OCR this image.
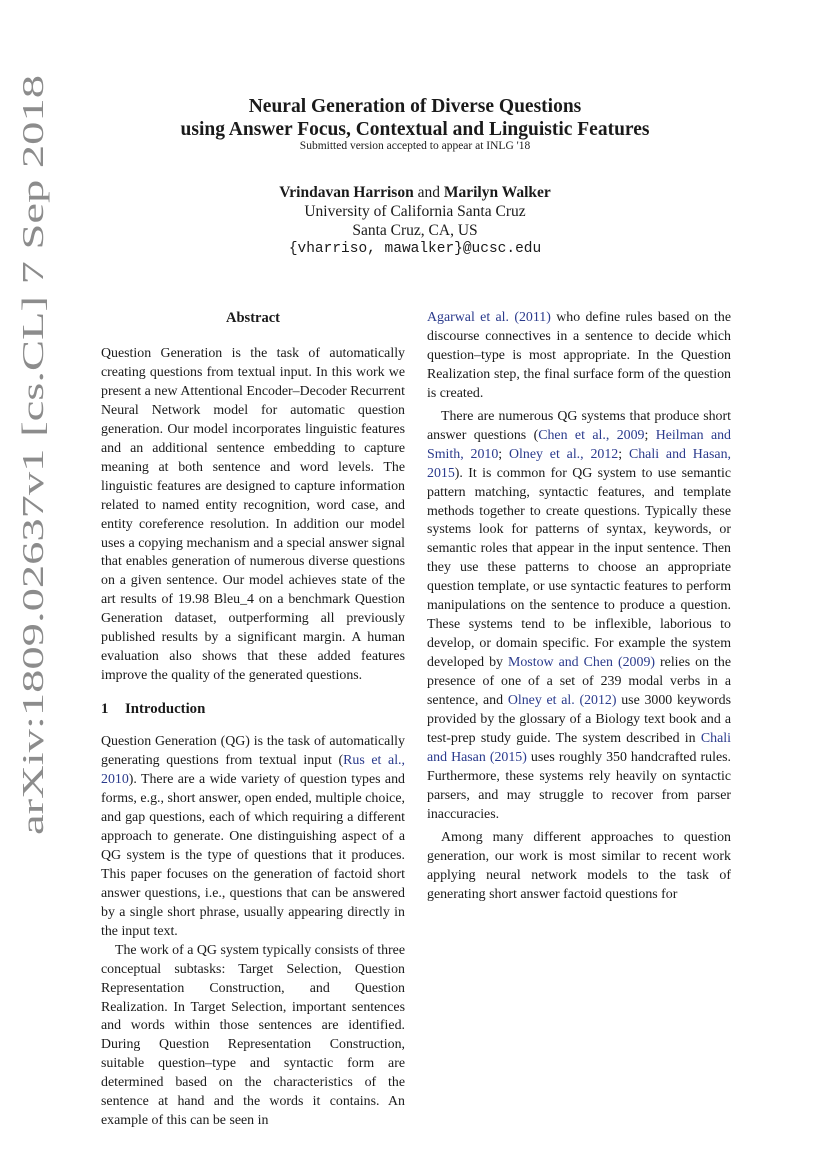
arXiv:1809.02637v1 [cs.CL] 7 Sep 2018
Neural Generation of Diverse Questions
using Answer Focus, Contextual and Linguistic Features
Submitted version accepted to appear at INLG '18
Vrindavan Harrison and Marilyn Walker
University of California Santa Cruz
Santa Cruz, CA, US
{vharriso, mawalker}@ucsc.edu
Abstract

Question Generation is the task of automatically creating questions from textual input. In this work we present a new Attentional Encoder–Decoder Recurrent Neural Network model for automatic question generation. Our model incorporates linguistic features and an additional sentence embedding to capture meaning at both sentence and word levels. The linguistic features are designed to capture information related to named entity recognition, word case, and entity coreference resolution. In addition our model uses a copying mechanism and a special answer signal that enables generation of numerous diverse questions on a given sentence. Our model achieves state of the art results of 19.98 Bleu_4 on a benchmark Question Generation dataset, outperforming all previously published results by a significant margin. A human evaluation also shows that these added features improve the quality of the generated questions.

1 Introduction

Question Generation (QG) is the task of automatically generating questions from textual input (Rus et al., 2010). There are a wide variety of question types and forms, e.g., short answer, open ended, multiple choice, and gap questions, each of which requiring a different approach to generate. One distinguishing aspect of a QG system is the type of questions that it produces. This paper focuses on the generation of factoid short answer questions, i.e., questions that can be answered by a single short phrase, usually appearing directly in the input text.

The work of a QG system typically consists of three conceptual subtasks: Target Selection, Question Representation Construction, and Question Realization. In Target Selection, important sentences and words within those sentences are identified. During Question Representation Construction, suitable question–type and syntactic form are determined based on the characteristics of the sentence at hand and the words it contains. An example of this can be seen in

Agarwal et al. (2011) who define rules based on the discourse connectives in a sentence to decide which question–type is most appropriate. In the Question Realization step, the final surface form of the question is created.

There are numerous QG systems that produce short answer questions (Chen et al., 2009; Heilman and Smith, 2010; Olney et al., 2012; Chali and Hasan, 2015). It is common for QG system to use semantic pattern matching, syntactic features, and template methods together to create questions. Typically these systems look for patterns of syntax, keywords, or semantic roles that appear in the input sentence. Then they use these patterns to choose an appropriate question template, or use syntactic features to perform manipulations on the sentence to produce a question. These systems tend to be inflexible, laborious to develop, or domain specific. For example the system developed by Mostow and Chen (2009) relies on the presence of one of a set of 239 modal verbs in a sentence, and Olney et al. (2012) use 3000 keywords provided by the glossary of a Biology text book and a test-prep study guide. The system described in Chali and Hasan (2015) uses roughly 350 handcrafted rules. Furthermore, these systems rely heavily on syntactic parsers, and may struggle to recover from parser inaccuracies.

Among many different approaches to question generation, our work is most similar to recent work applying neural network models to the task of generating short answer factoid questions for
